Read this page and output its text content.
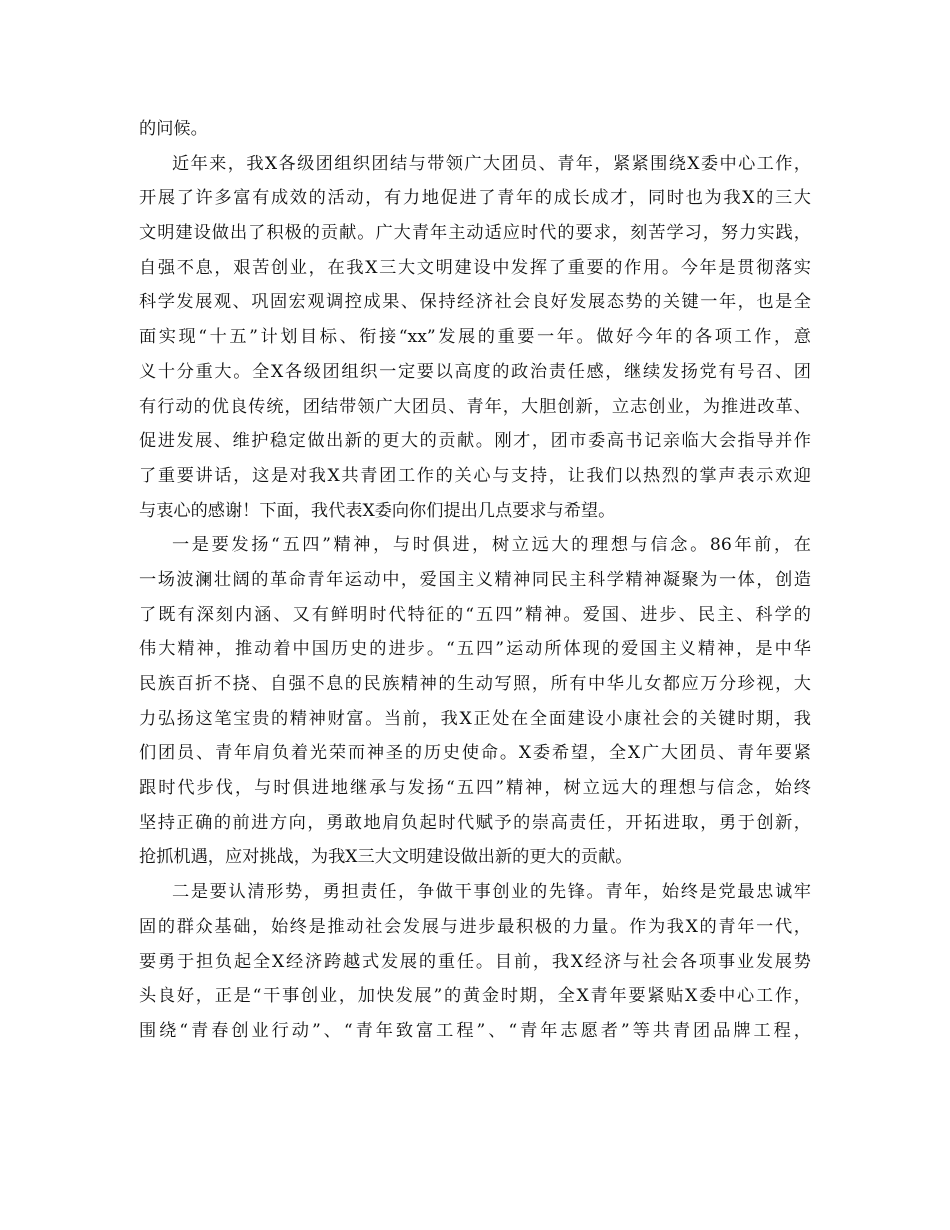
的问候。
近年来，我X各级团组织团结与带领广大团员、青年，紧紧围绕X委中心工作，
开展了许多富有成效的活动，有力地促进了青年的成长成才，同时也为我X的三大
文明建设做出了积极的贡献。广大青年主动适应时代的要求，刻苦学习，努力实践，
自强不息，艰苦创业，在我X三大文明建设中发挥了重要的作用。今年是贯彻落实
科学发展观、巩固宏观调控成果、保持经济社会良好发展态势的关键一年，也是全
面实现“十五”计划目标、衔接“xx”发展的重要一年。做好今年的各项工作，意
义十分重大。全X各级团组织一定要以高度的政治责任感，继续发扬党有号召、团
有行动的优良传统，团结带领广大团员、青年，大胆创新，立志创业，为推进改革、
促进发展、维护稳定做出新的更大的贡献。刚才，团市委高书记亲临大会指导并作
了重要讲话，这是对我X共青团工作的关心与支持，让我们以热烈的掌声表示欢迎
与衷心的感谢！下面，我代表X委向你们提出几点要求与希望。
一是要发扬“五四”精神，与时俱进，树立远大的理想与信念。86年前，在
一场波澜壮阔的革命青年运动中，爱国主义精神同民主科学精神凝聚为一体，创造
了既有深刻内涵、又有鲜明时代特征的“五四”精神。爱国、进步、民主、科学的
伟大精神，推动着中国历史的进步。“五四”运动所体现的爱国主义精神，是中华
民族百折不挠、自强不息的民族精神的生动写照，所有中华儿女都应万分珍视，大
力弘扬这笔宝贵的精神财富。当前，我X正处在全面建设小康社会的关键时期，我
们团员、青年肩负着光荣而神圣的历史使命。X委希望，全X广大团员、青年要紧
跟时代步伐，与时俱进地继承与发扬“五四”精神，树立远大的理想与信念，始终
坚持正确的前进方向，勇敢地肩负起时代赋予的崇高责任，开拓进取，勇于创新，
抢抓机遇，应对挑战，为我X三大文明建设做出新的更大的贡献。
二是要认清形势，勇担责任，争做干事创业的先锋。青年，始终是党最忠诚牢
固的群众基础，始终是推动社会发展与进步最积极的力量。作为我X的青年一代，
要勇于担负起全X经济跨越式发展的重任。目前，我X经济与社会各项事业发展势
头良好，正是“干事创业，加快发展”的黄金时期，全X青年要紧贴X委中心工作，
围绕“青春创业行动”、“青年致富工程”、“青年志愿者”等共青团品牌工程，
